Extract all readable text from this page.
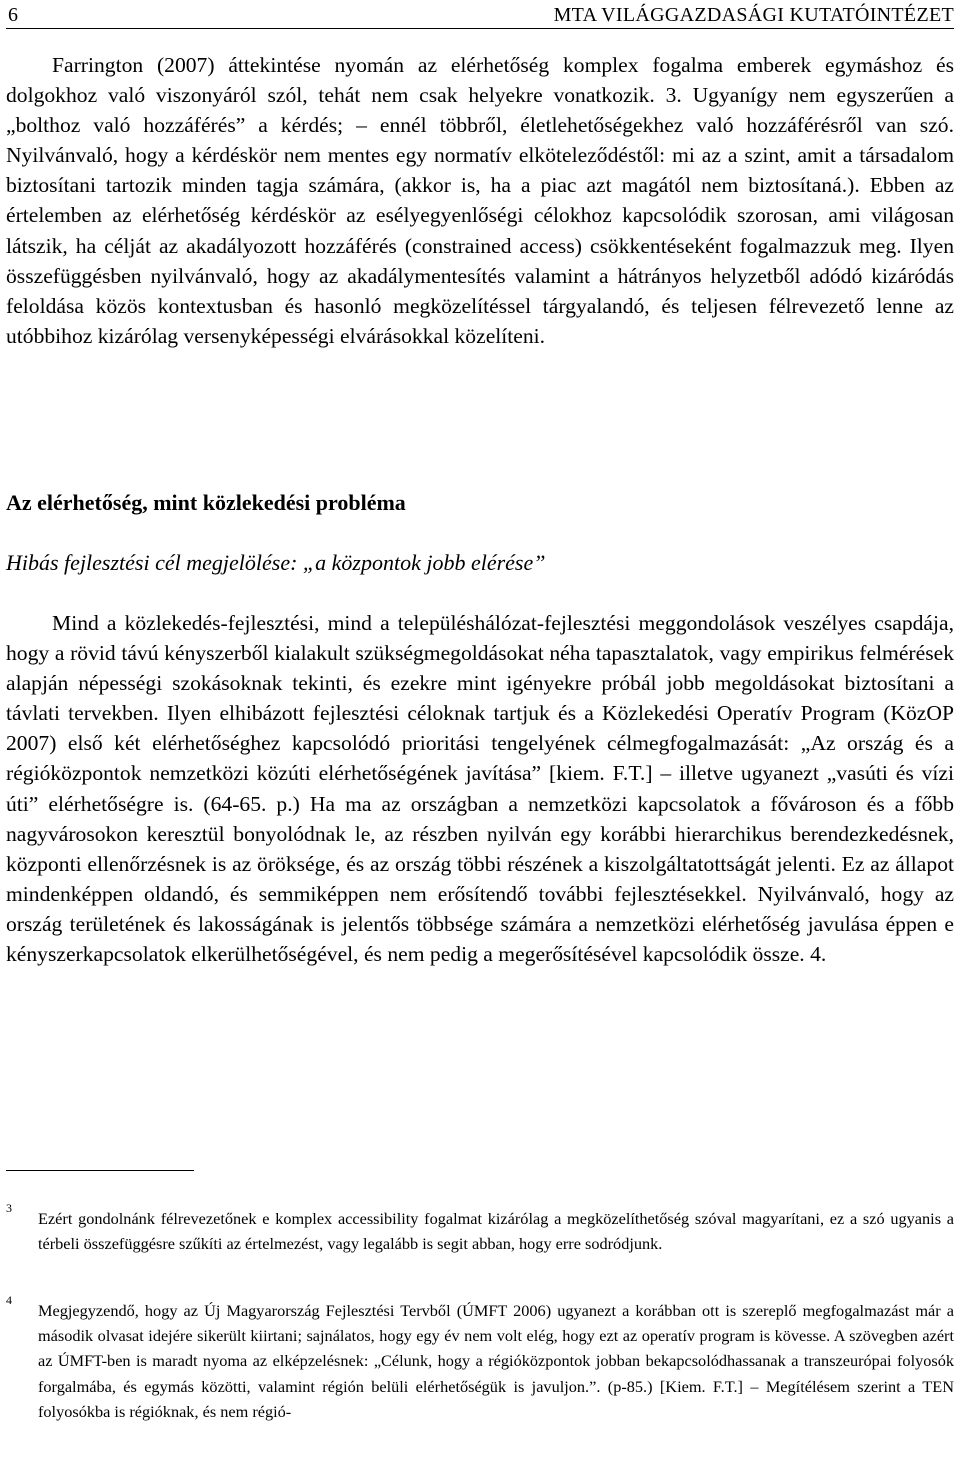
6	MTA VILÁGGAZDASÁGI KUTATÓINTÉZET

Farrington (2007) áttekintése nyomán az elérhetőség komplex fogalma emberek egymáshoz és dolgokhoz való viszonyáról szól, tehát nem csak helyekre vonatkozik. 3. Ugyanígy nem egyszerűen a „bolthoz való hozzáférés” a kérdés; – ennél többről, életlehetőségekhez való hozzáférésről van szó. Nyilvánvaló, hogy a kérdéskör nem mentes egy normatív elköteleződéstől: mi az a szint, amit a társadalom biztosítani tartozik minden tagja számára, (akkor is, ha a piac azt magától nem biztosítaná.). Ebben az értelemben az elérhetőség kérdéskör az esélyegyenlőségi célokhoz kapcsolódik szorosan, ami világosan látszik, ha célját az akadályozott hozzáférés (constrained access) csökkentéseként fogalmazzuk meg. Ilyen összefüggésben nyilvánvaló, hogy az akadálymentesítés valamint a hátrányos helyzetből adódó kizáródás feloldása közös kontextusban és hasonló megközelítéssel tárgyalandó, és teljesen félrevezető lenne az utóbbihoz kizárólag versenyképességi elvárásokkal közelíteni.

Az elérhetőség, mint közlekedési probléma
Hibás fejlesztési cél megjelölése: „a központok jobb elérése”

Mind a közlekedés-fejlesztési, mind a településhálózat-fejlesztési meggondolások veszélyes csapdája, hogy a rövid távú kényszerből kialakult szükségmegoldásokat néha tapasztalatok, vagy empirikus felmérések alapján népességi szokásoknak tekinti, és ezekre mint igényekre próbál jobb megoldásokat biztosítani a távlati tervekben. Ilyen elhibázott fejlesztési céloknak tartjuk és a Közlekedési Operatív Program (KözOP 2007) első két elérhetőséghez kapcsolódó prioritási tengelyének célmegfogalmazását: „Az ország és a régióközpontok nemzetközi közúti elérhetőségének javítása” [kiem. F.T.] – illetve ugyanezt „vasúti és vízi úti” elérhetőségre is. (64-65. p.) Ha ma az országban a nemzetközi kapcsolatok a fővároson és a főbb nagyvárosokon keresztül bonyolódnak le, az részben nyilván egy korábbi hierarchikus berendezkedésnek, központi ellenőrzésnek is az öröksége, és az ország többi részének a kiszolgáltatottságát jelenti. Ez az állapot mindenképpen oldandó, és semmiképpen nem erősítendő további fejlesztésekkel. Nyilvánvaló, hogy az ország területének és lakosságának is jelentős többsége számára a nemzetközi elérhetőség javulása éppen e kényszerkapcsolatok elkerülhetőségével, és nem pedig a megerősítésével kapcsolódik össze. 4.

3
Ezért gondolnánk félrevezetőnek e komplex accessibility fogalmat kizárólag a megközelíthetőség szóval magyarítani, ez a szó ugyanis a térbeli összefüggésre szűkíti az értelmezést, vagy legalább is segit abban, hogy erre sodródjunk.
4
Megjegyzendő, hogy az Új Magyarország Fejlesztési Tervből (ÚMFT 2006) ugyanezt a korábban ott is szereplő megfogalmazást már a második olvasat idejére sikerült kiirtani; sajnálatos, hogy egy év nem volt elég, hogy ezt az operatív program is kövesse. A szövegben azért az ÚMFT-ben is maradt nyoma az elképzelésnek: „Célunk, hogy a régióközpontok jobban bekapcsolódhassanak a transzeurópai folyosók forgalmába, és egymás közötti, valamint régión belüli elérhetőségük is javuljon.”. (p-85.) [Kiem. F.T.] – Megítélésem szerint a TEN folyosókba is régióknak, és nem régió-
